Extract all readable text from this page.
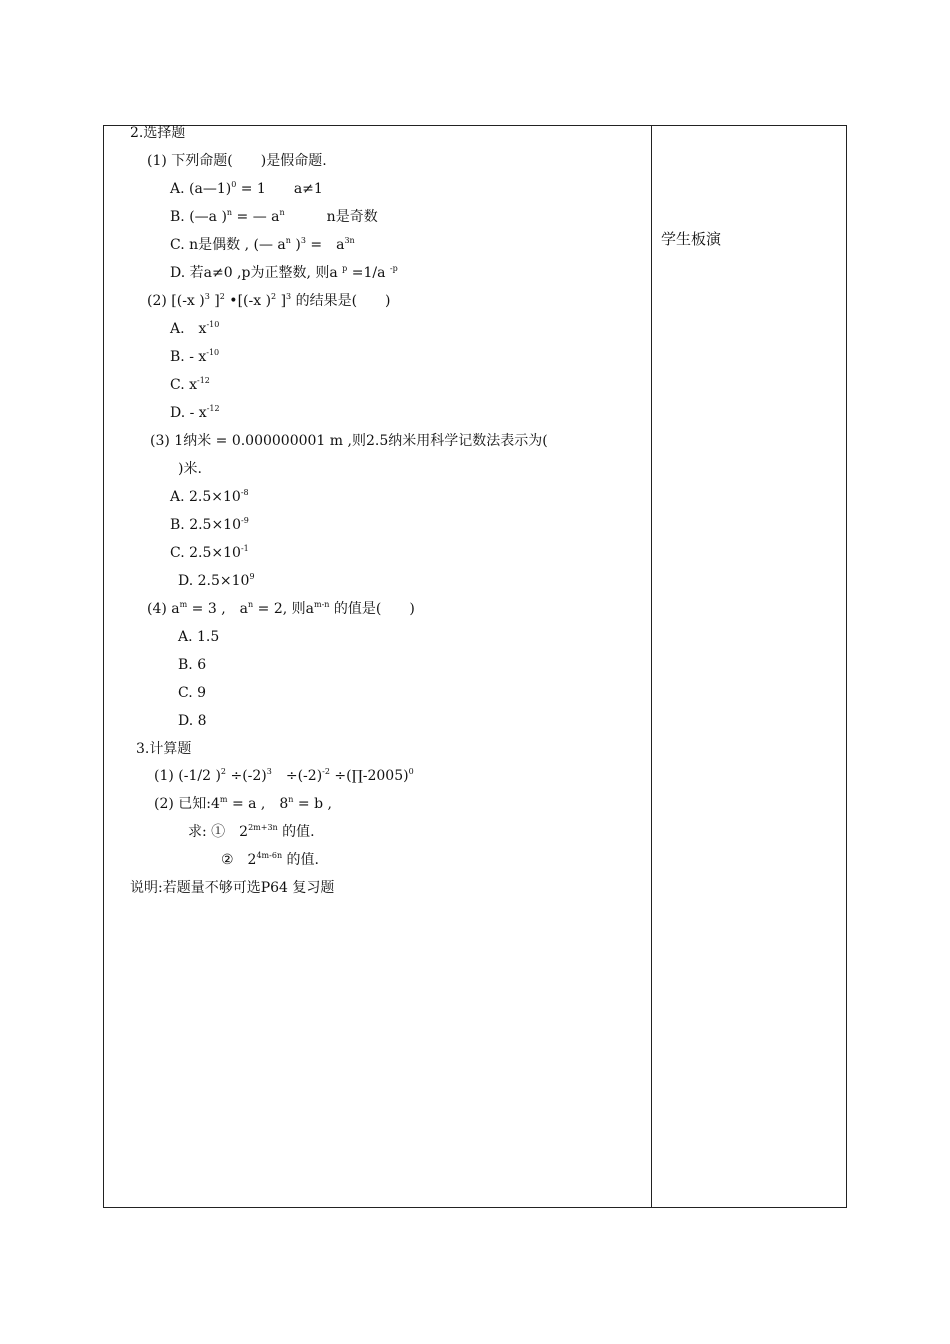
2.选择题
(1) 下列命题(　　)是假命题.
A. (a—1)$^0$ = 1　　a≠1
B. (—a )$^n$ = — $a^n$　　　n是奇数
C. n是偶数 , (— $a^n$ )$^3$ =　$a^{3n}$
D. 若a≠0 ,p为正整数, 则a $^p$ =1/a $^{-p}$
(2) [(-x )$^3$ ]$^2$ •[(-x )$^2$ ]$^3$ 的结果是(　　)
A.　$x^{-10}$
B. - $x^{-10}$
C. $x^{-12}$
D. - $x^{-12}$
(3) 1纳米 = 0.000000001 m ,则2.5纳米用科学记数法表示为(
)米.
A. $2.5\times 10^{-8}$
B. $2.5\times 10^{-9}$
C. $2.5\times 10^{-1}$
D. $2.5\times 10^9$
(4) $a^m = 3$ ,　$a^n = 2$, 则$a^{m-n}$ 的值是(　　)
A. 1.5
B. 6
C. 9
D. 8
3.计算题
(1) (-1/2 )$^2 \div(-2)^3$　$\div(-2)^{-2}$ ÷(∏-2005)$^0$
(2) 已知$:4^m = a$ ,　$8^n = b$ ,
求: ①　$2^{2m+3n}$ 的值.
②　$2^{4m-6n}$ 的值.
说明:若题量不够可选P64 复习题
学生板演
